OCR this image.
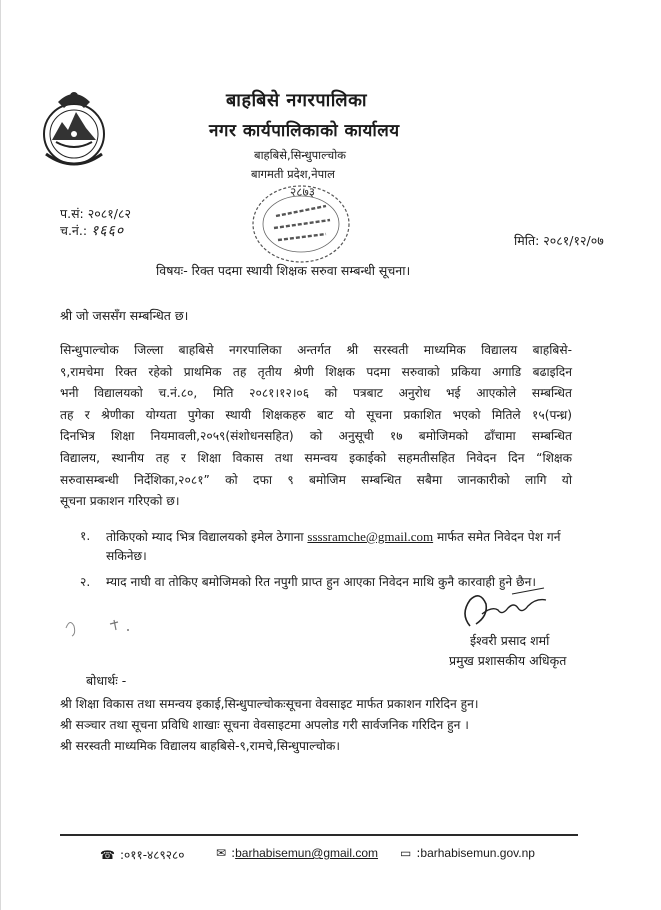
बाहबिसे नगरपालिका
नगर कार्यपालिकाको कार्यालय
बाहबिसे,सिन्धुपाल्चोक
बागमती प्रदेश,नेपाल
२८७३
प.सं: २०८१/८२
च.नं.: १६६०
मिति: २०८१/१२/०७
विषयः- रिक्त पदमा स्थायी शिक्षक सरुवा सम्बन्धी सूचना।
श्री जो जससँग सम्बन्धित छ।

सिन्धुपाल्चोक जिल्ला बाहबिसे नगरपालिका अन्तर्गत श्री सरस्वती माध्यमिक विद्यालय बाहबिसे-
९,रामचेमा रिक्त रहेको प्राथमिक तह तृतीय श्रेणी शिक्षक पदमा सरुवाको प्रकिया अगाडि बढाइदिन
भनी विद्यालयको च.नं.८०, मिति २०८१।१२।०६ को पत्रबाट अनुरोध भई आएकोले सम्बन्धित
तह र श्रेणीका योग्यता पुगेका स्थायी शिक्षकहरु बाट यो सूचना प्रकाशित भएको मितिले १५(पन्ध्र)
दिनभित्र शिक्षा नियमावली,२०५९(संशोधनसहित) को अनुसूची १७ बमोजिमको ढाँचामा सम्बन्धित
विद्यालय, स्थानीय तह र शिक्षा विकास तथा समन्वय इकाईको सहमतीसहित निवेदन दिन “शिक्षक
सरुवासम्बन्धी निर्देशिका,२०८१” को दफा ९ बमोजिम सम्बन्धित सबैमा जानकारीको लागि यो
सूचना प्रकाशन गरिएको छ।

१.	तोकिएको म्याद भित्र विद्यालयको इमेल ठेगाना ssssramche@gmail.com मार्फत समेत निवेदन पेश गर्न सकिनेछ।
२.	म्याद नाघी वा तोकिए बमोजिमको रित नपुगी प्राप्त हुन आएका निवेदन माथि कुनै कारवाही हुने छैन।
ईश्वरी प्रसाद शर्मा
प्रमुख प्रशासकीय अधिकृत
बोधार्थः -
श्री शिक्षा विकास तथा समन्वय इकाई,सिन्धुपाल्चोकःसूचना वेवसाइट मार्फत प्रकाशन गरिदिन हुन।
श्री सञ्चार तथा सूचना प्रविधि शाखाः सूचना वेवसाइटमा अपलोड गरी सार्वजनिक गरिदिन हुन ।
श्री सरस्वती माध्यमिक विद्यालय बाहबिसे-९,रामचे,सिन्धुपाल्चोक।
☎ :०११-४८९२८०	✉ : barhabisemun@gmail.com ▭ : barhabisemun.gov.np
